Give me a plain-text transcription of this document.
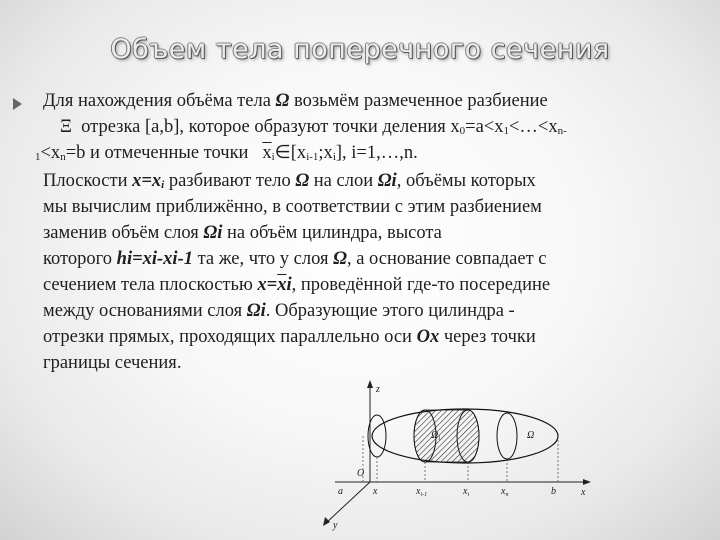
Объем тела поперечного сечения
Для нахождения объёма тела Ω возьмём размеченное разбиение
Ξ отрезка [a,b], которое образуют точки деления x0=a<x1<…<xn-
1<xn=b и отмеченные точки $\overline{x}i\in[xi-1;xi]$, i=1,…,n.
Плоскости x=xi разбивают тело Ω на слои Ωi, объёмы которых
мы вычислим приближённо, в соответствии с этим разбиением
заменив объём слоя Ωi на объём цилиндра, высота
которого hi=xi-xi-1 та же, что у слоя Ω, а основание совпадает с
сечением тела плоскостью $x=\overline{x}i$, проведённой где-то посередине
между основаниями слоя Ωi. Образующие этого цилиндра -
отрезки прямых, проходящих параллельно оси Ox через точки
границы сечения.
z
x
y
O
$\Omega_i$	Ω
a	x	$x_{i-1}$	$x_i$	$x_n$	b
